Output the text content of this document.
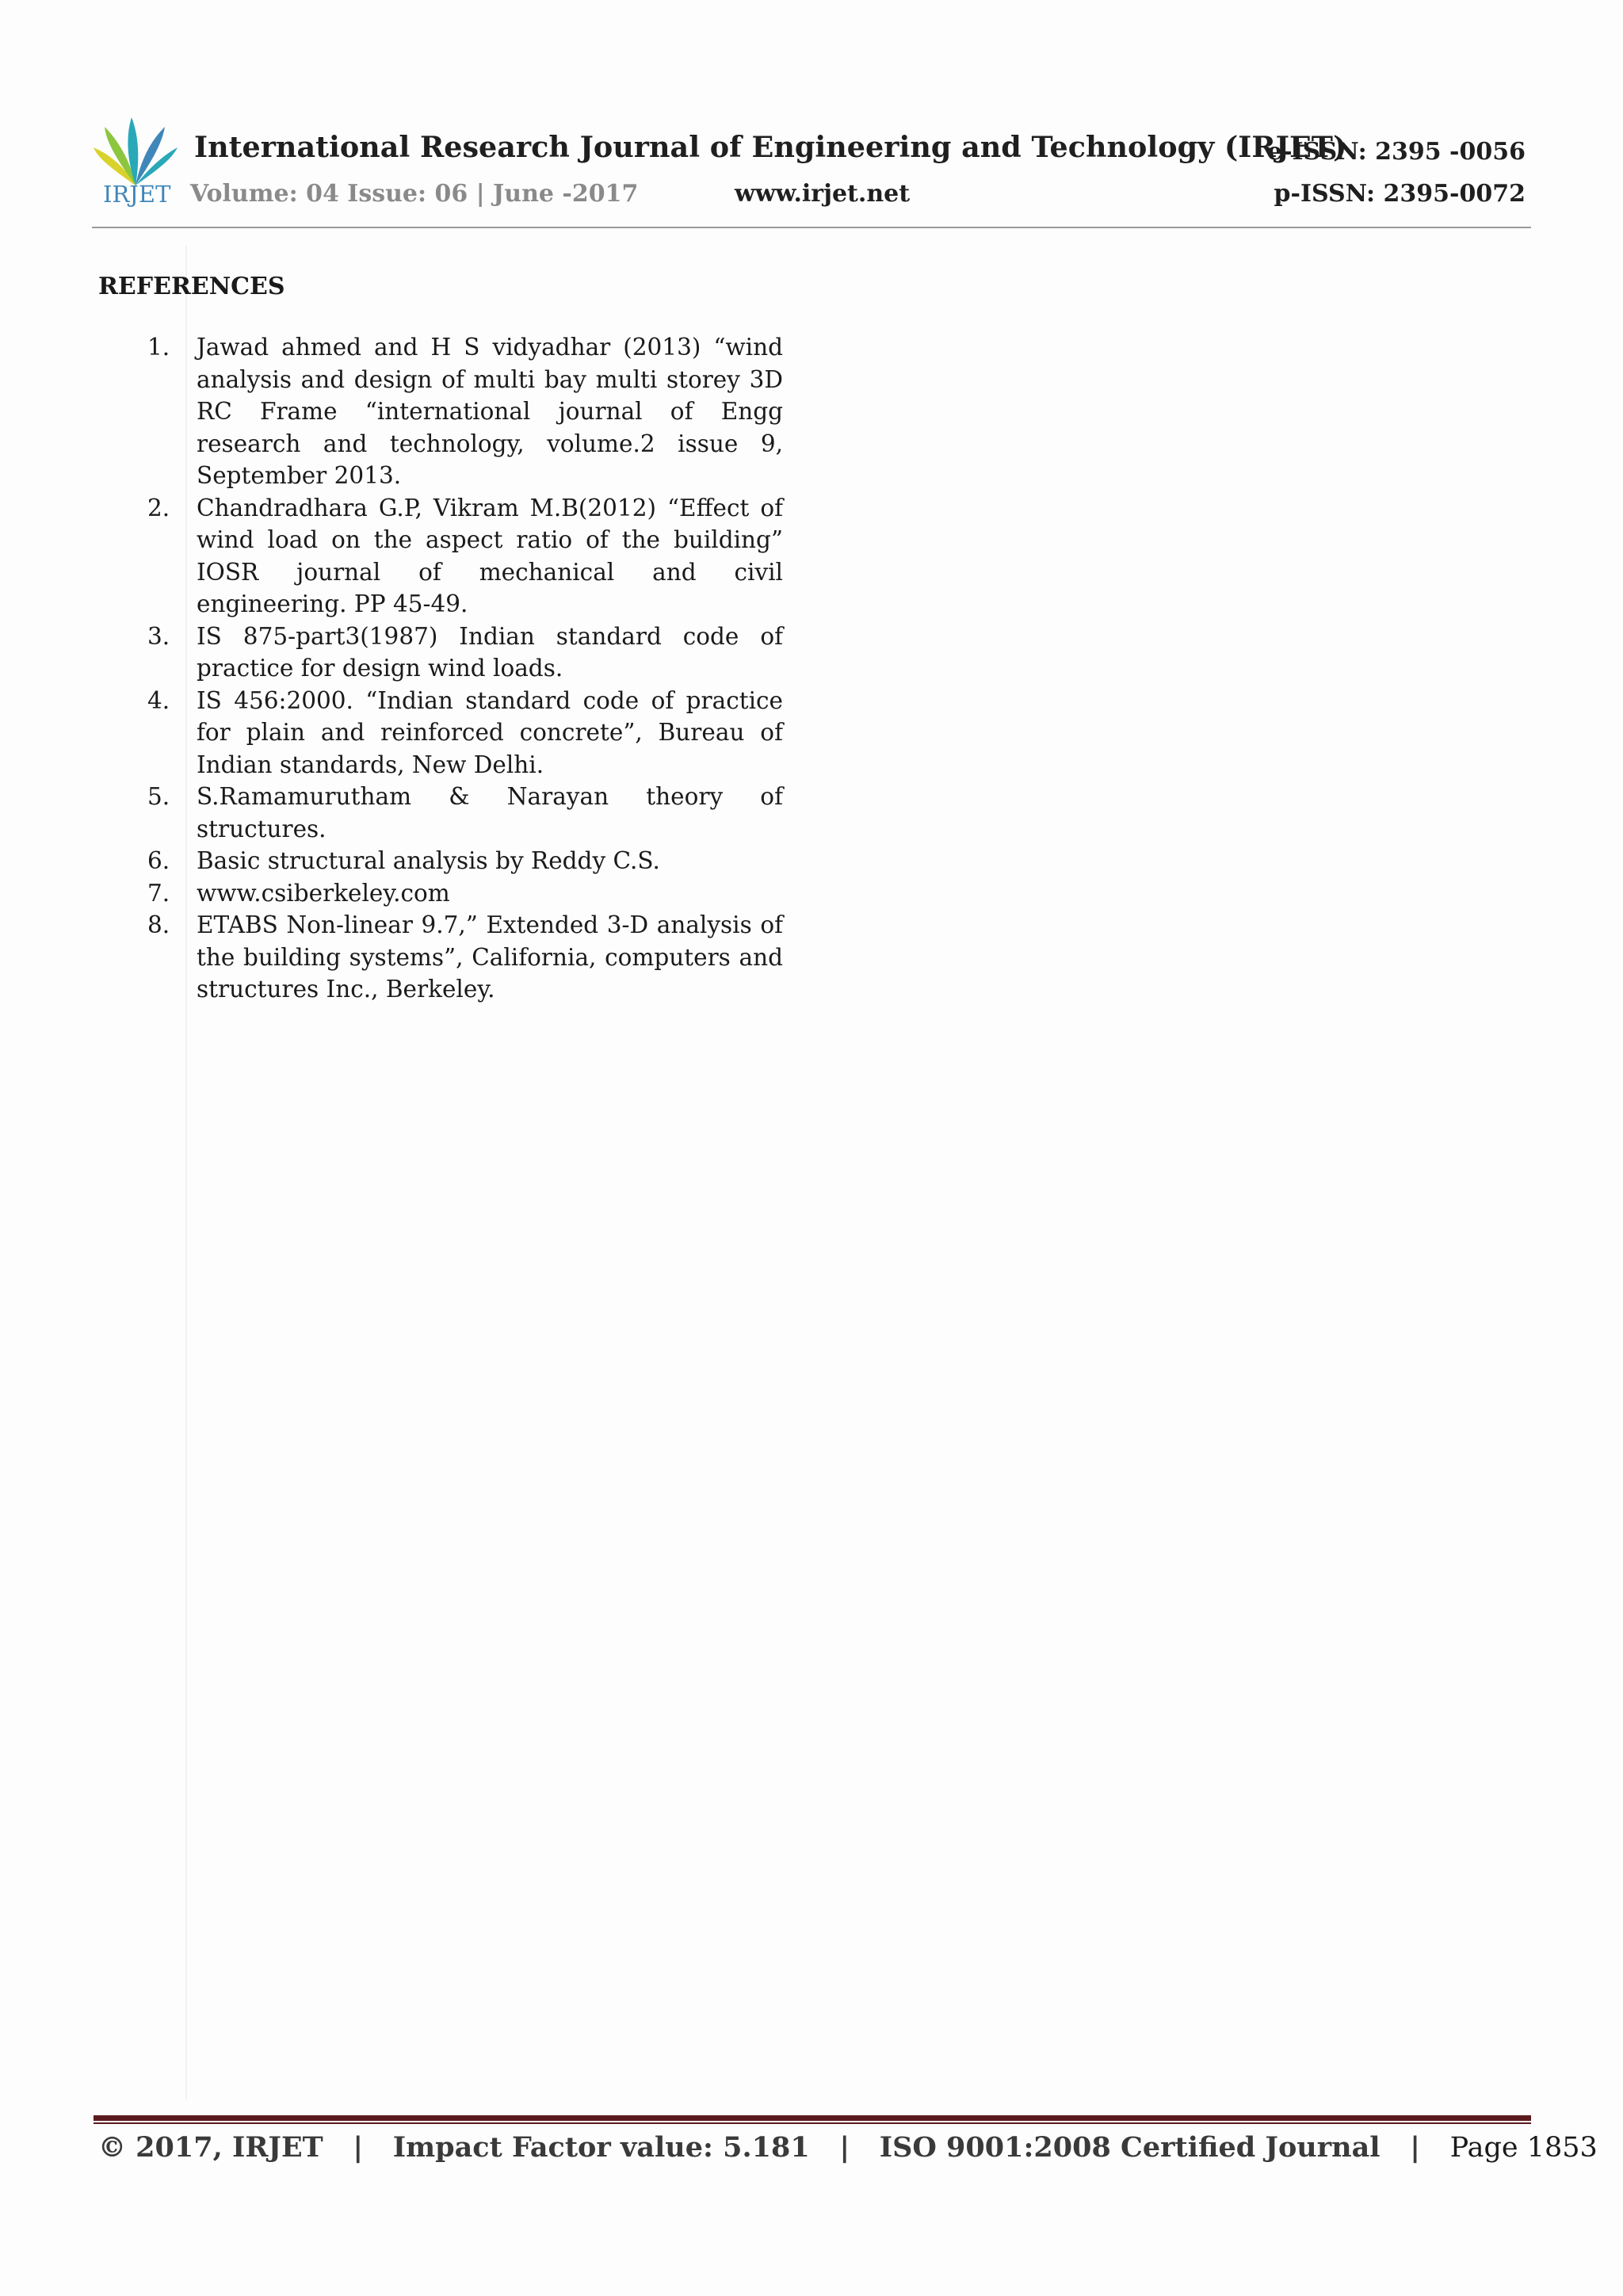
IRJET
International Research Journal of Engineering and Technology (IRJET)
Volume: 04 Issue: 06 | June -2017	www.irjet.net
e-ISSN: 2395 -0056
p-ISSN: 2395-0072
REFERENCES
1. Jawad ahmed and H S vidyadhar (2013) “wind analysis and design of multi bay multi storey 3D RC Frame “international journal of Engg research and technology, volume.2 issue 9, September 2013.
2. Chandradhara G.P, Vikram M.B(2012) “Effect of wind load on the aspect ratio of the building” IOSR journal of mechanical and civil engineering. PP 45-49.
3. IS 875-part3(1987) Indian standard code of practice for design wind loads.
4. IS 456:2000. “Indian standard code of practice for plain and reinforced concrete”, Bureau of Indian standards, New Delhi.
5. S.Ramamurutham & Narayan theory of structures.
6. Basic structural analysis by Reddy C.S.
7. www.csiberkeley.com
8. ETABS Non-linear 9.7,” Extended 3-D analysis of the building systems”, California, computers and structures Inc., Berkeley.
© 2017, IRJET | Impact Factor value: 5.181 | ISO 9001:2008 Certified Journal | Page 1853
